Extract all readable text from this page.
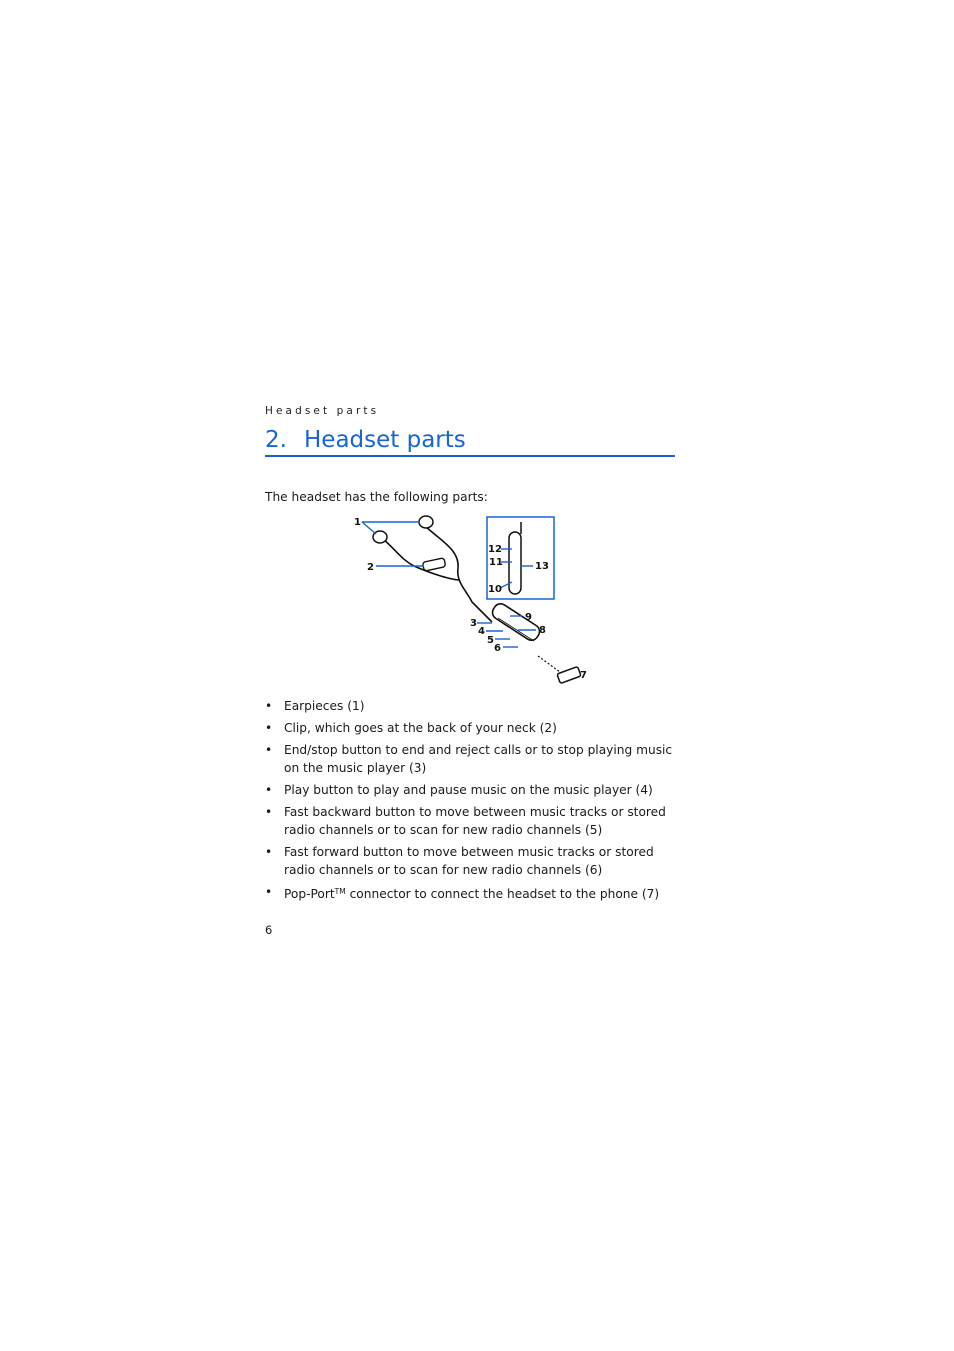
Headset parts
2. Headset parts
The headset has the following parts:
1
2
3
4
5
6
7
8
9
10
11
12
13
• Earpieces (1)
• Clip, which goes at the back of your neck (2)
• End/stop button to end and reject calls or to stop playing music on the music player (3)
• Play button to play and pause music on the music player (4)
• Fast backward button to move between music tracks or stored radio channels or to scan for new radio channels (5)
• Fast forward button to move between music tracks or stored radio channels or to scan for new radio channels (6)
• Pop-Port™ connector to connect the headset to the phone (7)
6
